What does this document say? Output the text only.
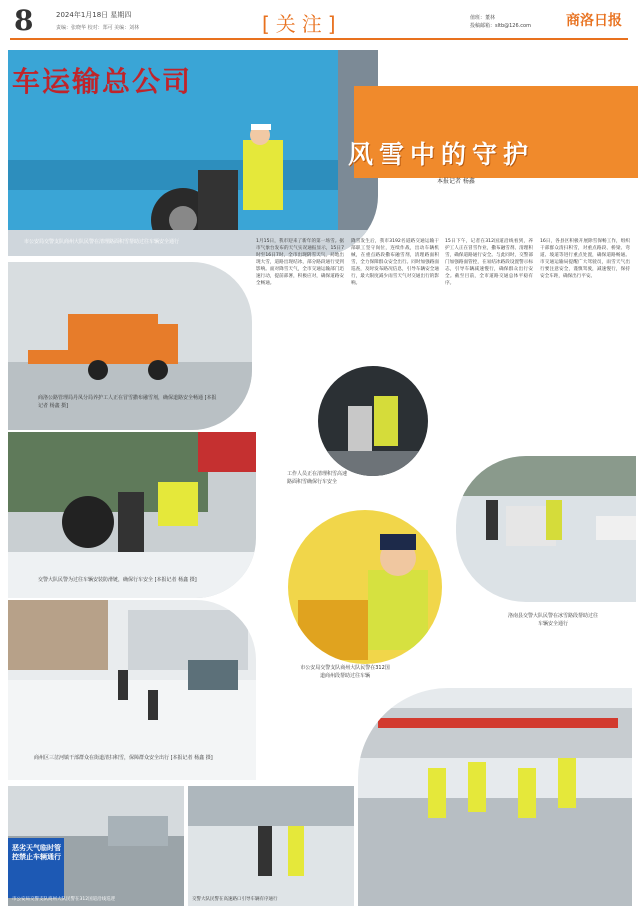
8	2024年1月18日 星期四
责编：张晓华 校对：郑可 美编：刘林	[关注]	值班：董林
投稿邮箱：sltb@126.com	商洛日报
车运输总公司
市公安局交警支队商州大队民警在清理路面积雪帮助过往车辆安全通行
风雪中的守护
本报记者 杨鑫
商洛公路管理局丹凤分局养护工人正在冒雪撒布融雪剂，确保道路安全畅通 [本报记者 杨鑫 摄]
交警大队民警为过往车辆安装防滑链，确保行车安全 [本报记者 杨鑫 摄]
商州区三岔河镇干部群众在街道清扫积雪，保障群众安全出行 [本报记者 杨鑫 摄]
恶劣天气临时管控禁止车辆通行
市公安局交警支队商州大队民警在312国道沿线巡逻	交警大队民警在高速路口引导车辆有序通行
1月15日，我市迎来了新年的第一场雪。据市气象台发布的天气实况通报显示，15日7时至16日7时，全市出现阴雪天气，局地出现大雪，道路出现结冰，部分路段通行受到影响。面对降雪天气，全市交通运输部门迅速行动，提前部署，积极应对，确保道路安全畅通。
降雪发生后，我市3192名道路交通运输干部职工坚守岗位，连续作战，出动车辆机械，在重点路段撒布融雪剂，清理路面积雪，全力保障群众安全出行。同时加强路面巡查，及时发布路况信息，引导车辆安全通行，最大限度减少雨雪天气对交通出行的影响。
15日下午，记者在312国道沿线看到，养护工人正在冒雪作业，撒布融雪剂、清理积雪，确保道路通行安全。与此同时，交警部门加强路面管控，在易结冰路段设置警示标志，引导车辆减速慢行，确保群众出行安全。截至目前，全市道路交通总体平稳有序。
16日，各县区积极开展除雪保畅工作，组织干部群众清扫积雪，对重点路段、桥梁、弯道、坡道等进行重点处置，确保道路畅通。市交通运输局提醒广大驾驶员，雨雪天气出行要注意安全，谨慎驾驶，减速慢行，保持安全车距，确保出行平安。
工作人员正在清理积雪高速路面积雪确保行车安全
市公安局交警支队商州大队民警在312国道商州段帮助过往车辆
洛南县交警大队民警在冰雪路段帮助过往车辆安全通行
